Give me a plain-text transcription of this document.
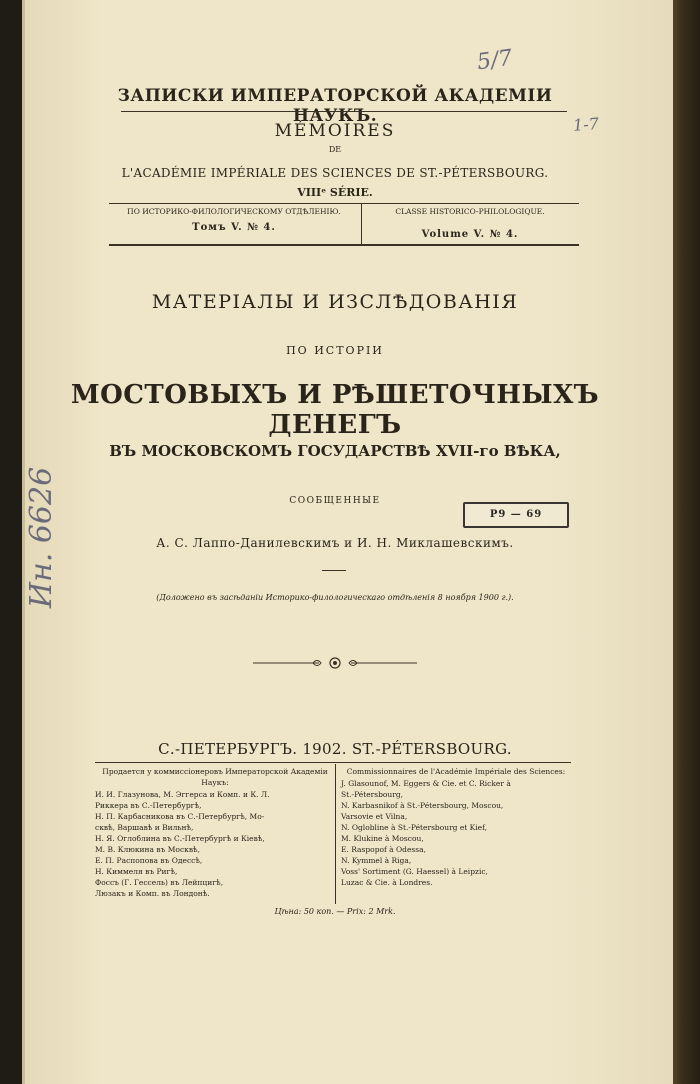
ЗАПИСКИ ИМПЕРАТОРСКОЙ АКАДЕМІИ НАУКЪ.
MÉMOIRES
DE
L'ACADÉMIE IMPÉRIALE DES SCIENCES DE ST.-PÉTERSBOURG.
VIIIᵉ SÉRIE.
ПО ИСТОРИКО-ФИЛОЛОГИЧЕСКОМУ ОТДѢЛЕНІЮ.
Томъ V. № 4.
CLASSE HISTORICO-PHILOLOGIQUE.
Volume V. № 4.
МАТЕРІАЛЫ И ИЗСЛѢДОВАНІЯ
ПО ИСТОРІИ
МОСТОВЫХЪ И РѢШЕТОЧНЫХЪ ДЕНЕГЪ
ВЪ МОСКОВСКОМЪ ГОСУДАРСТВѢ XVII-го ВѢКА,
СООБЩЕННЫЕ
А. С. Лаппо-Данилевскимъ и И. Н. Миклашевскимъ.
(Доложено въ засѣданіи Историко-филологическаго отдѣленія 8 ноября 1900 г.).
С.-ПЕТЕРБУРГЪ. 1902. ST.-PÉTERSBOURG.
Продается у коммиссіонеровъ Императорской Академіи Наукъ:
И. И. Глазунова, М. Эггерса и Комп. и К. Л.
Риккера въ С.-Петербургѣ,
Н. П. Карбасникова въ С.-Петербургѣ, Мо-
сквѣ, Варшавѣ и Вильнѣ,
Н. Я. Оглоблина въ С.-Петербургѣ и Кіевѣ,
М. В. Клюкина въ Москвѣ,
Е. П. Распопова въ Одессѣ,
Н. Киммеля въ Ригѣ,
Фоссъ (Г. Гессель) въ Лейпцигѣ,
Люзакъ и Комп. въ Лондонѣ.
Commissionnaires de l'Académie Impériale des Sciences:
J. Glasounof, M. Eggers & Cie. et C. Ricker à
St.-Pétersbourg,
N. Karbasnikof à St.-Pétersbourg, Moscou,
Varsovie et Vilna,
N. Oglobline à St.-Pétersbourg et Kief,
M. Klukine à Moscou,
E. Raspopof à Odessa,
N. Kymmel à Riga,
Voss' Sortiment (G. Haessel) à Leipzic,
Luzac & Cie. à Londres.
Цѣна: 50 коп. — Prix: 2 Mrk.
5/7
1-7
Ин. 6626	P9 — 69
